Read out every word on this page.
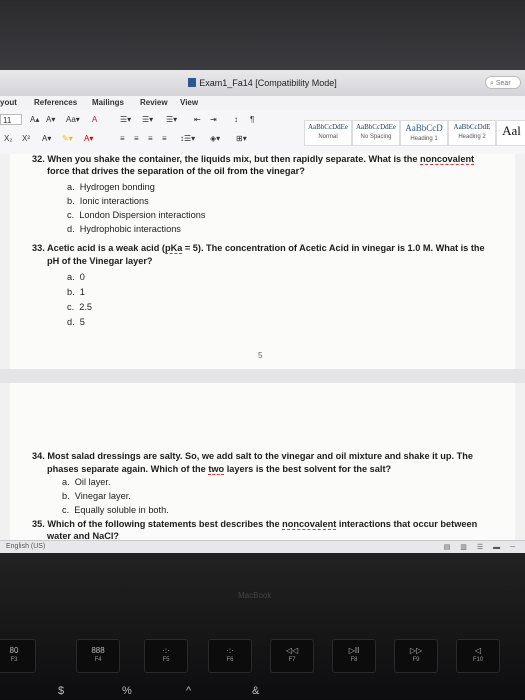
Exam1_Fa14 [Compatibility Mode]	⌕ Sear
yout References Mailings Review View
11	A▴ A▾ Aa▾ A	☰▾ ☰▾ ☰▾ ⇤ ⇥ ↕ ¶
X₂ X² A▾ ✎▾ A▾	≡ ≡ ≡ ≡ ↕☰▾ ◈▾ ⊞▾
AaBbCcDdEe
Normal
AaBbCcDdEe
No Spacing
AaBbCcD
Heading 1
AaBbCcDdE
Heading 2	Aal
32. When you shake the container, the liquids mix, but then rapidly separate. What is the noncovalent
force that drives the separation of the oil from the vinegar?
a. Hydrogen bonding
b. Ionic interactions
c. London Dispersion interactions
d. Hydrophobic interactions
33. Acetic acid is a weak acid (pKa = 5). The concentration of Acetic Acid in vinegar is 1.0 M. What is the
pH of the Vinegar layer?
a. 0
b. 1
c. 2.5
d. 5
5
34. Most salad dressings are salty. So, we add salt to the vinegar and oil mixture and shake it up. The
phases separate again. Which of the two layers is the best solvent for the salt?
a. Oil layer.
b. Vinegar layer.
c. Equally soluble in both.
35. Which of the following statements best describes the noncovalent interactions that occur between
water and NaCl?
English (US)	▤ ▥ ☰ ▬ ─
MacBook
80
F3
888
F4
·:·
F5
·:·
F6
◁◁
F7
▷II
F8
▷▷
F9
◁
F10
$	%	^	&
